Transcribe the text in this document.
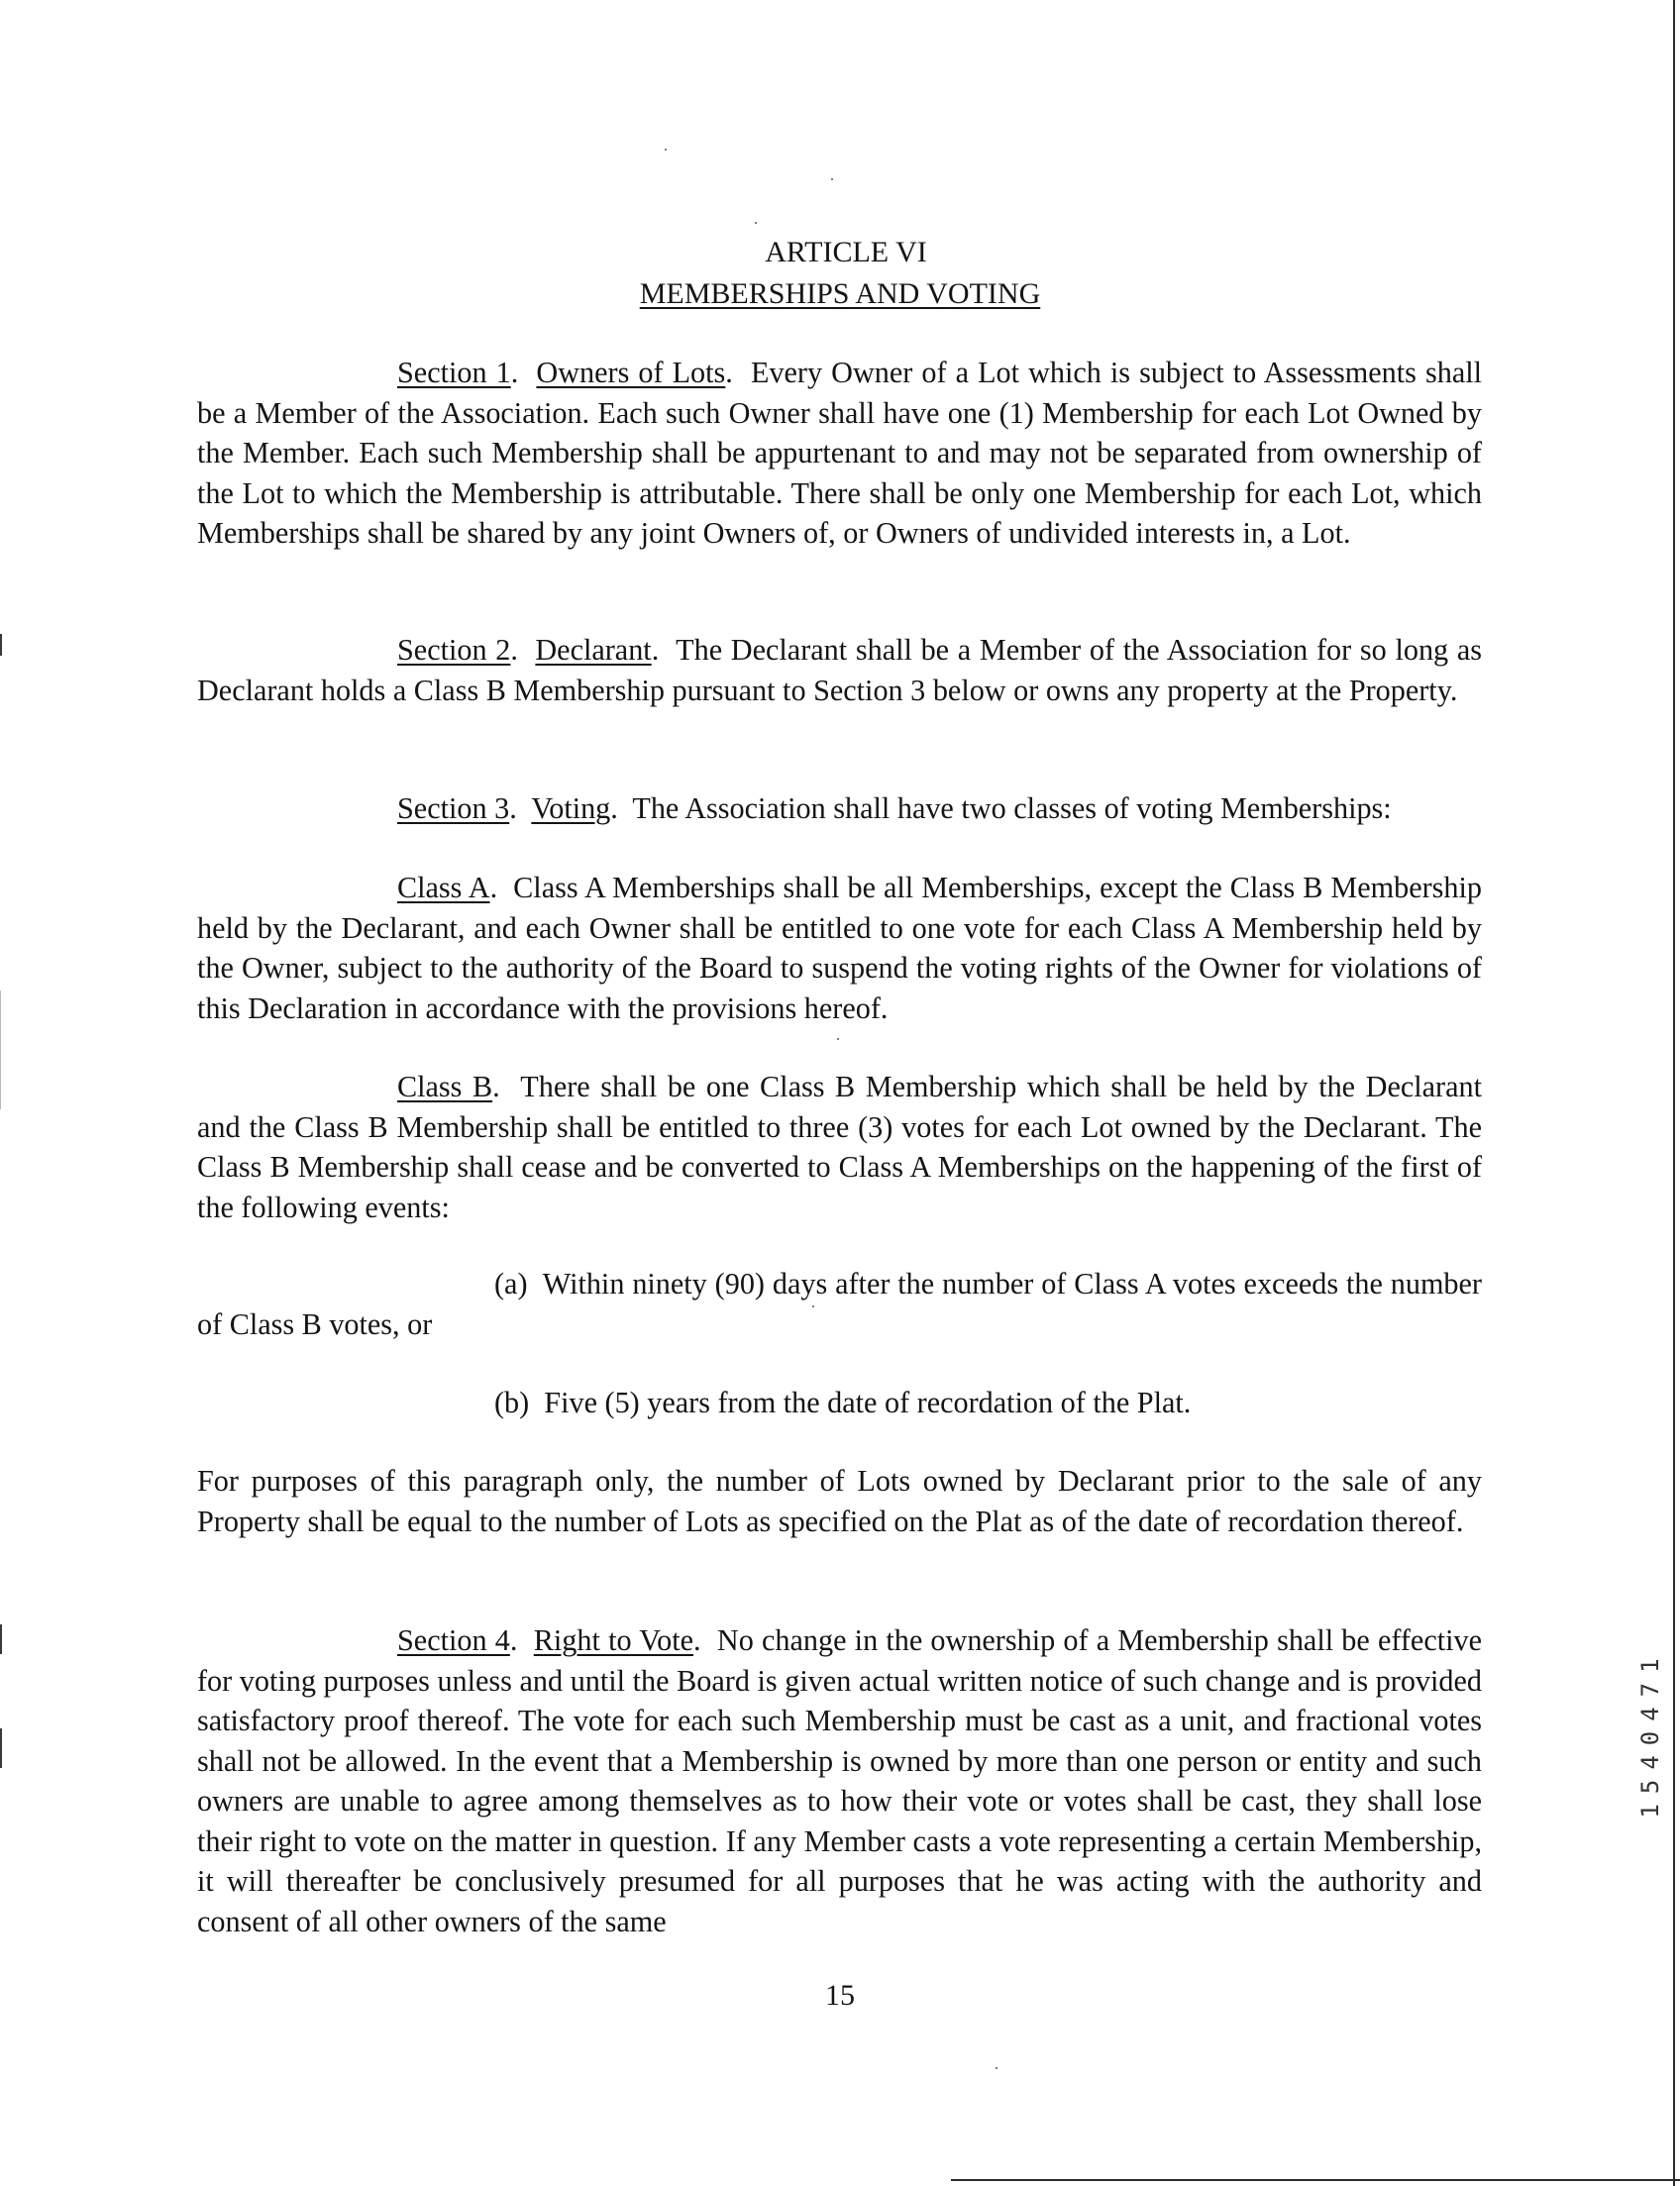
ARTICLE VI
MEMBERSHIPS AND VOTING

Section 1.  Owners of Lots.  Every Owner of a Lot which is subject to Assessments shall be a Member of the Association. Each such Owner shall have one (1) Membership for each Lot Owned by the Member. Each such Membership shall be appurtenant to and may not be separated from ownership of the Lot to which the Membership is attributable. There shall be only one Membership for each Lot, which Memberships shall be shared by any joint Owners of, or Owners of undivided interests in, a Lot.

Section 2.  Declarant.  The Declarant shall be a Member of the Association for so long as Declarant holds a Class B Membership pursuant to Section 3 below or owns any property at the Property.

Section 3.  Voting.  The Association shall have two classes of voting Memberships:

Class A.  Class A Memberships shall be all Memberships, except the Class B Membership held by the Declarant, and each Owner shall be entitled to one vote for each Class A Membership held by the Owner, subject to the authority of the Board to suspend the voting rights of the Owner for violations of this Declaration in accordance with the provisions hereof.

Class B.  There shall be one Class B Membership which shall be held by the Declarant and the Class B Membership shall be entitled to three (3) votes for each Lot owned by the Declarant. The Class B Membership shall cease and be converted to Class A Memberships on the happening of the first of the following events:

(a) Within ninety (90) days after the number of Class A votes exceeds the number of Class B votes, or

(b) Five (5) years from the date of recordation of the Plat.

For purposes of this paragraph only, the number of Lots owned by Declarant prior to the sale of any Property shall be equal to the number of Lots as specified on the Plat as of the date of recordation thereof.

Section 4.  Right to Vote.  No change in the ownership of a Membership shall be effective for voting purposes unless and until the Board is given actual written notice of such change and is provided satisfactory proof thereof. The vote for each such Membership must be cast as a unit, and fractional votes shall not be allowed. In the event that a Membership is owned by more than one person or entity and such owners are unable to agree among themselves as to how their vote or votes shall be cast, they shall lose their right to vote on the matter in question. If any Member casts a vote representing a certain Membership, it will thereafter be conclusively presumed for all purposes that he was acting with the authority and consent of all other owners of the same

15

1540471
